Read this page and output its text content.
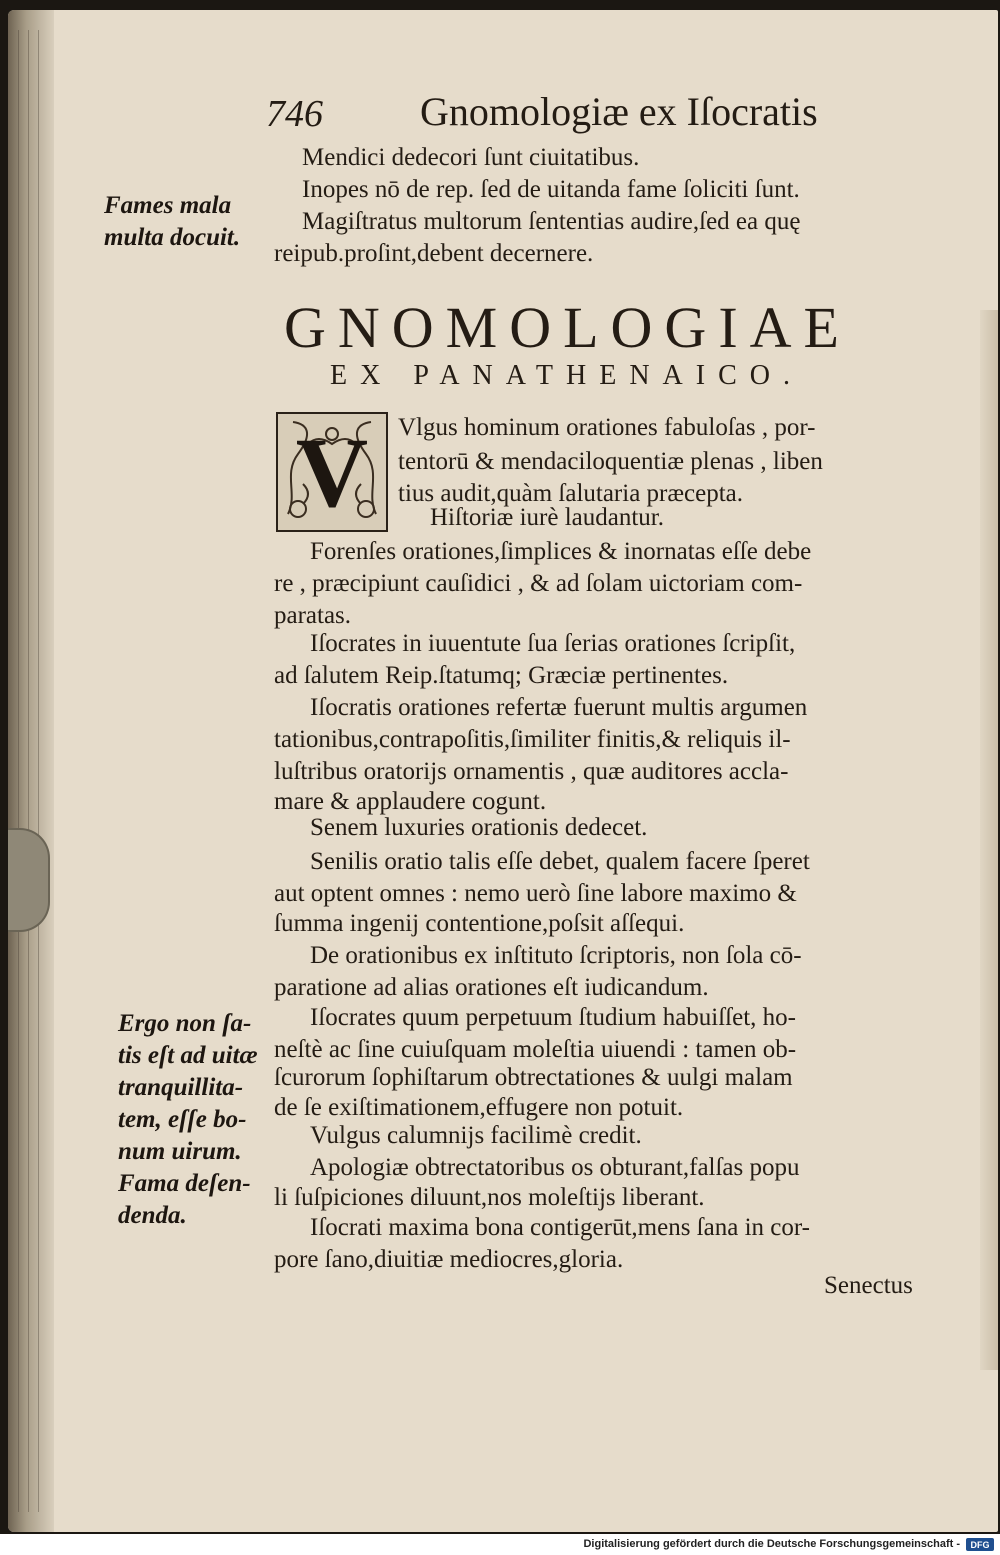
746 Gnomologiæ ex Iſocratis
Mendici dedecori ſunt ciuitatibus.
Inopes nō de rep. ſed de uitanda fame ſoliciti ſunt.
Magiſtratus multorum ſententias audire,ſed ea quę
reipub.proſint,debent decernere.
GNOMOLOGIAE
EX PANATHENAICO.
V	Vlgus hominum orationes fabuloſas , por-
tentorū & mendaciloquentiæ plenas , liben
tius audit,quàm ſalutaria præcepta.
Hiſtoriæ iurè laudantur.
Forenſes orationes,ſimplices & inornatas eſſe debe
re , præcipiunt cauſidici , & ad ſolam uictoriam com-
paratas.
Iſocrates in iuuentute ſua ſerias orationes ſcripſit,
ad ſalutem Reip.ſtatumq; Græciæ pertinentes.
Iſocratis orationes refertæ fuerunt multis argumen
tationibus,contrapoſitis,ſimiliter finitis,& reliquis il-
luſtribus oratorijs ornamentis , quæ auditores accla-
mare & applaudere cogunt.
Senem luxuries orationis dedecet.
Senilis oratio talis eſſe debet, qualem facere ſperet
aut optent omnes : nemo uerò ſine labore maximo &
ſumma ingenij contentione,poſsit aſſequi.
De orationibus ex inſtituto ſcriptoris, non ſola cō-
paratione ad alias orationes eſt iudicandum.
Iſocrates quum perpetuum ſtudium habuiſſet, ho-
neſtè ac ſine cuiuſquam moleſtia uiuendi : tamen ob-
ſcurorum ſophiſtarum obtrectationes & uulgi malam
de ſe exiſtimationem,effugere non potuit.
Vulgus calumnijs facilimè credit.
Apologiæ obtrectatoribus os obturant,falſas popu
li ſuſpiciones diluunt,nos moleſtijs liberant.
Iſocrati maxima bona contigerūt,mens ſana in cor-
pore ſano,diuitiæ mediocres,gloria.
Fames mala
multa docuit.
Ergo non ſa-
tis eſt ad uitæ
tranquillita-
tem, eſſe bo-
num uirum.
Fama deſen-
denda.
Senectus
Digitalisierung gefördert durch die Deutsche Forschungsgemeinschaft -	DFG
